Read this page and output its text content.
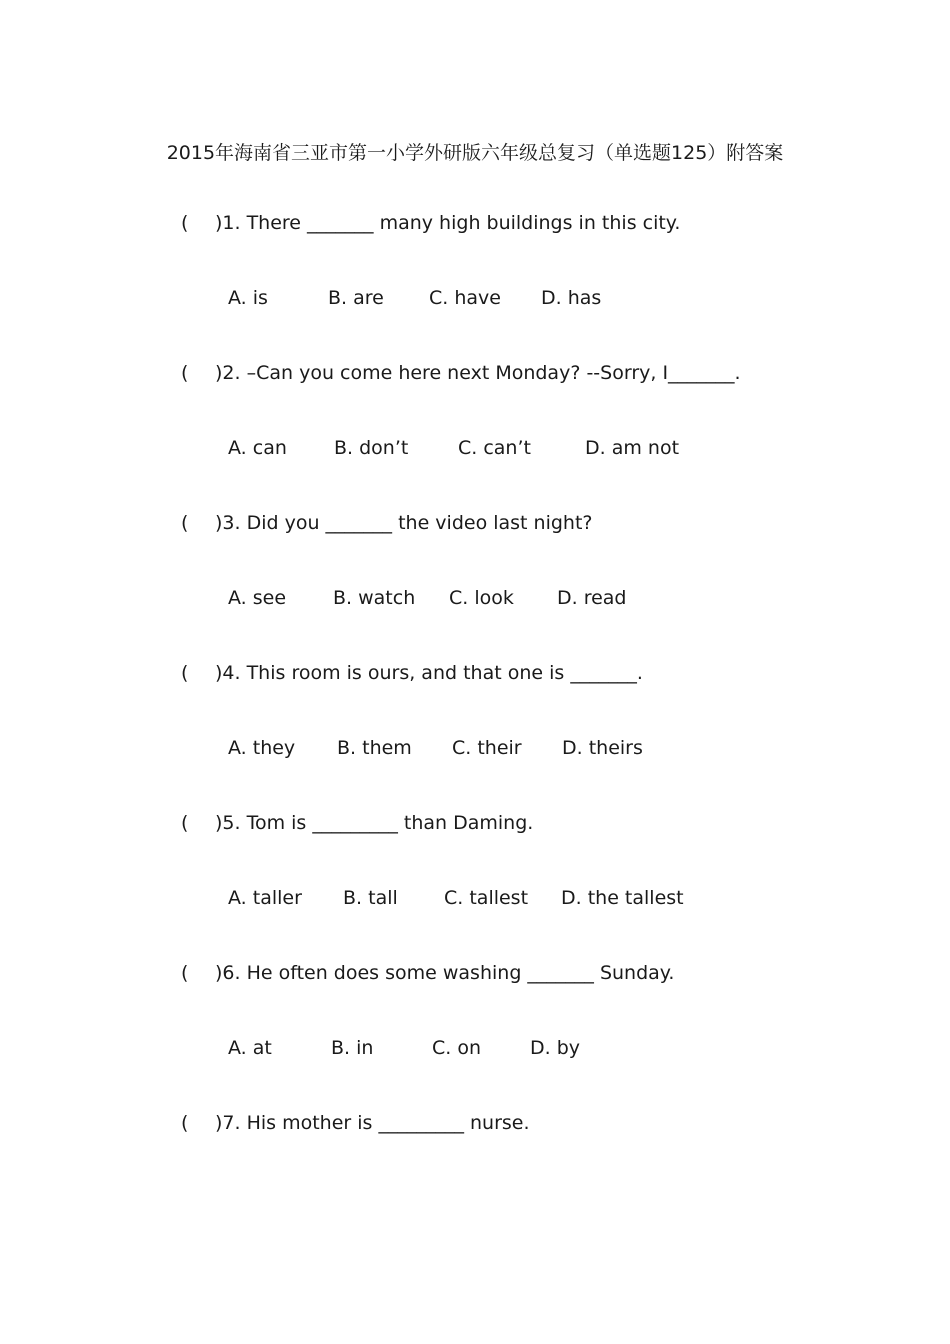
2015年海南省三亚市第一小学外研版六年级总复习（单选题125）附答案
( )1. There _______ many high buildings in this city.
A. is	B. are C. have D. has
( )2. –Can you come here next Monday? --Sorry, I_______.
A. can B. don’t	C. can’t	D. am not
( )3. Did you _______ the video last night?
A. see B. watch C. look D. read
( )4. This room is ours, and that one is _______.
A. they B. them C. their D. theirs
( )5. Tom is _________ than Daming.
A. taller B. tall C. tallest D. the tallest
( )6. He often does some washing _______ Sunday.
A. at	B. in	C. on	D. by
( )7. His mother is _________ nurse.
